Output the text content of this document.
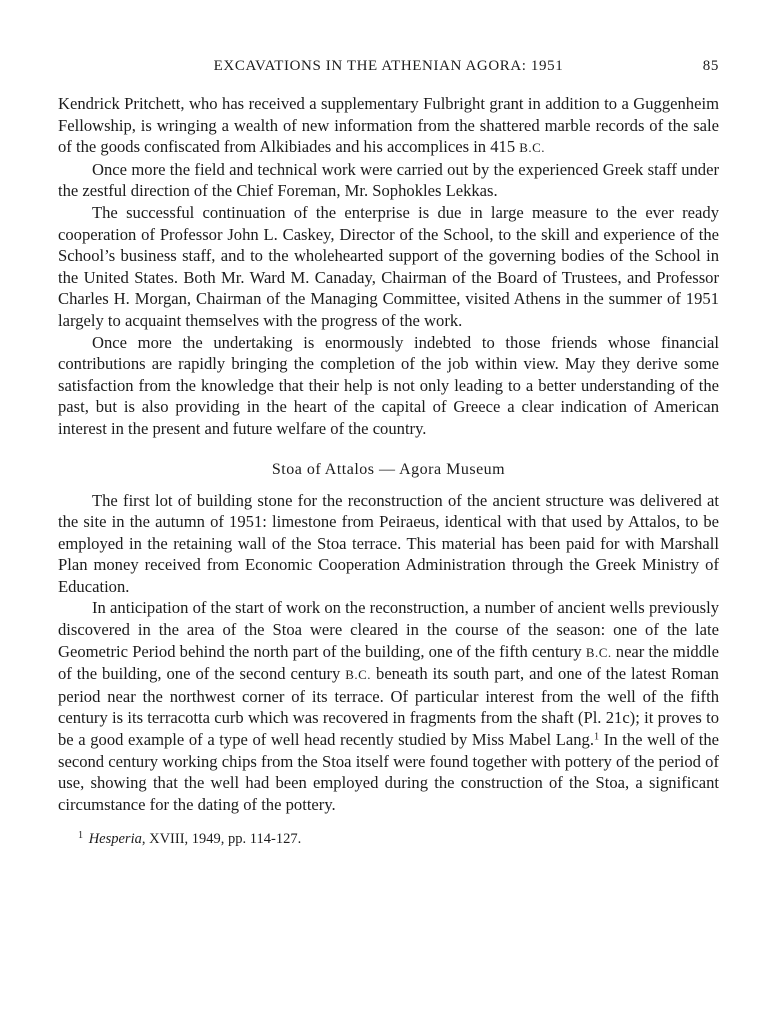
EXCAVATIONS IN THE ATHENIAN AGORA: 1951	85

Kendrick Pritchett, who has received a supplementary Fulbright grant in addition to a Guggenheim Fellowship, is wringing a wealth of new information from the shattered marble records of the sale of the goods confiscated from Alkibiades and his accomplices in 415 B.C.

Once more the field and technical work were carried out by the experienced Greek staff under the zestful direction of the Chief Foreman, Mr. Sophokles Lekkas.

The successful continuation of the enterprise is due in large measure to the ever ready cooperation of Professor John L. Caskey, Director of the School, to the skill and experience of the School’s business staff, and to the wholehearted support of the governing bodies of the School in the United States. Both Mr. Ward M. Canaday, Chairman of the Board of Trustees, and Professor Charles H. Morgan, Chairman of the Managing Committee, visited Athens in the summer of 1951 largely to acquaint themselves with the progress of the work.

Once more the undertaking is enormously indebted to those friends whose financial contributions are rapidly bringing the completion of the job within view. May they derive some satisfaction from the knowledge that their help is not only leading to a better understanding of the past, but is also providing in the heart of the capital of Greece a clear indication of American interest in the present and future welfare of the country.

Stoa of Attalos — Agora Museum

The first lot of building stone for the reconstruction of the ancient structure was delivered at the site in the autumn of 1951: limestone from Peiraeus, identical with that used by Attalos, to be employed in the retaining wall of the Stoa terrace. This material has been paid for with Marshall Plan money received from Economic Cooperation Administration through the Greek Ministry of Education.

In anticipation of the start of work on the reconstruction, a number of ancient wells previously discovered in the area of the Stoa were cleared in the course of the season: one of the late Geometric Period behind the north part of the building, one of the fifth century B.C. near the middle of the building, one of the second century B.C. beneath its south part, and one of the latest Roman period near the northwest corner of its terrace. Of particular interest from the well of the fifth century is its terracotta curb which was recovered in fragments from the shaft (Pl. 21c); it proves to be a good example of a type of well head recently studied by Miss Mabel Lang.$^1$ In the well of the second century working chips from the Stoa itself were found together with pottery of the period of use, showing that the well had been employed during the construction of the Stoa, a significant circumstance for the dating of the pottery.

$^1$ Hesperia, XVIII, 1949, pp. 114-127.
